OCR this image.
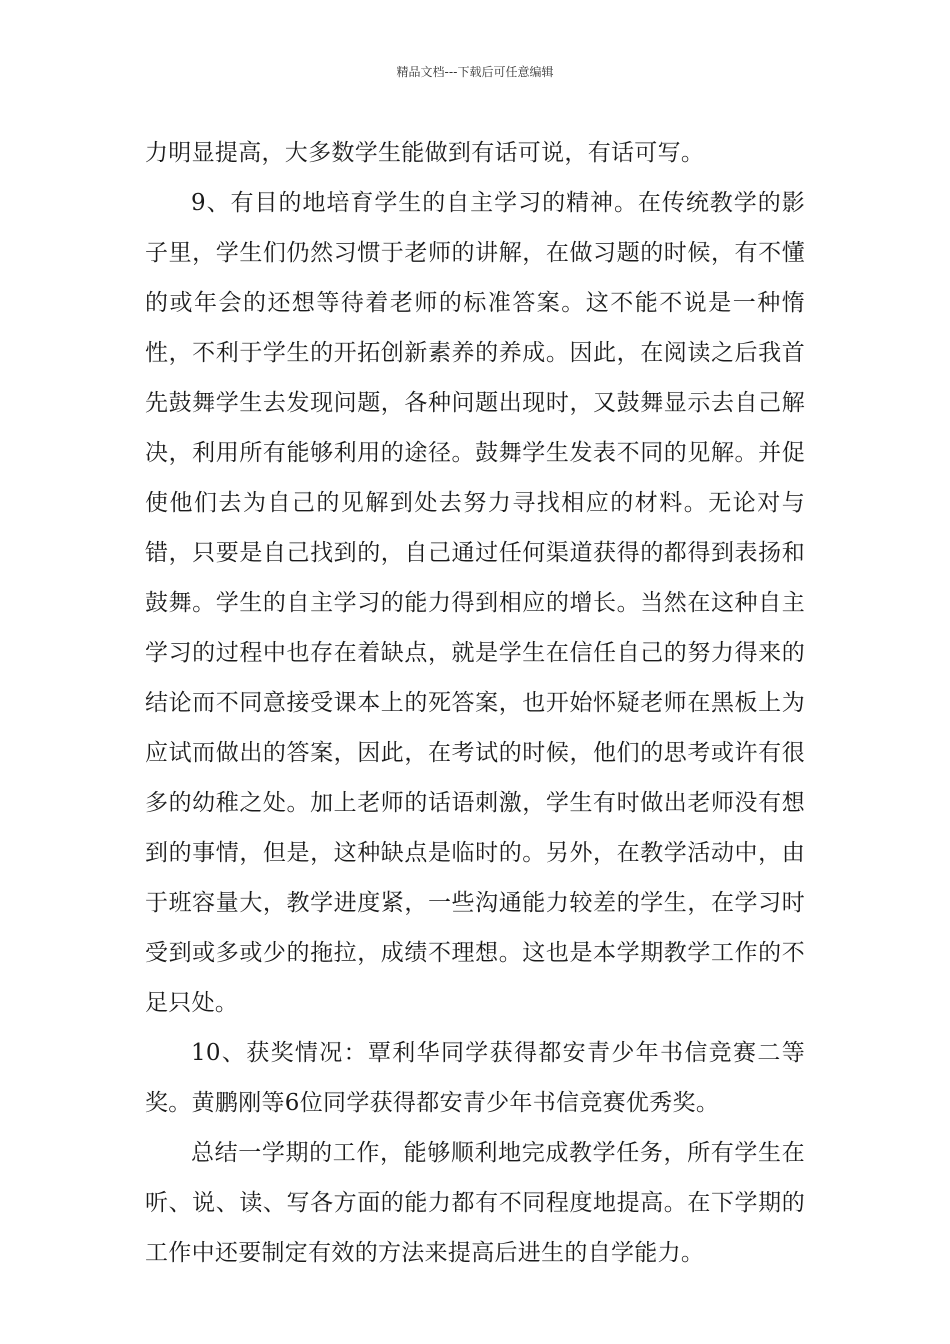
精品文档---下载后可任意编辑

力明显提高，大多数学生能做到有话可说，有话可写。

9、有目的地培育学生的自主学习的精神。在传统教学的影子里，学生们仍然习惯于老师的讲解，在做习题的时候，有不懂的或年会的还想等待着老师的标准答案。这不能不说是一种惰性，不利于学生的开拓创新素养的养成。因此，在阅读之后我首先鼓舞学生去发现问题，各种问题出现时，又鼓舞显示去自己解决，利用所有能够利用的途径。鼓舞学生发表不同的见解。并促使他们去为自己的见解到处去努力寻找相应的材料。无论对与错，只要是自己找到的，自己通过任何渠道获得的都得到表扬和鼓舞。学生的自主学习的能力得到相应的增长。当然在这种自主学习的过程中也存在着缺点，就是学生在信任自己的努力得来的结论而不同意接受课本上的死答案，也开始怀疑老师在黑板上为应试而做出的答案，因此，在考试的时候，他们的思考或许有很多的幼稚之处。加上老师的话语刺激，学生有时做出老师没有想到的事情，但是，这种缺点是临时的。另外，在教学活动中，由于班容量大，教学进度紧，一些沟通能力较差的学生，在学习时受到或多或少的拖拉，成绩不理想。这也是本学期教学工作的不足只处。

10、获奖情况：覃利华同学获得都安青少年书信竞赛二等奖。黄鹏刚等6位同学获得都安青少年书信竞赛优秀奖。

总结一学期的工作，能够顺利地完成教学任务，所有学生在听、说、读、写各方面的能力都有不同程度地提高。在下学期的工作中还要制定有效的方法来提高后进生的自学能力。
